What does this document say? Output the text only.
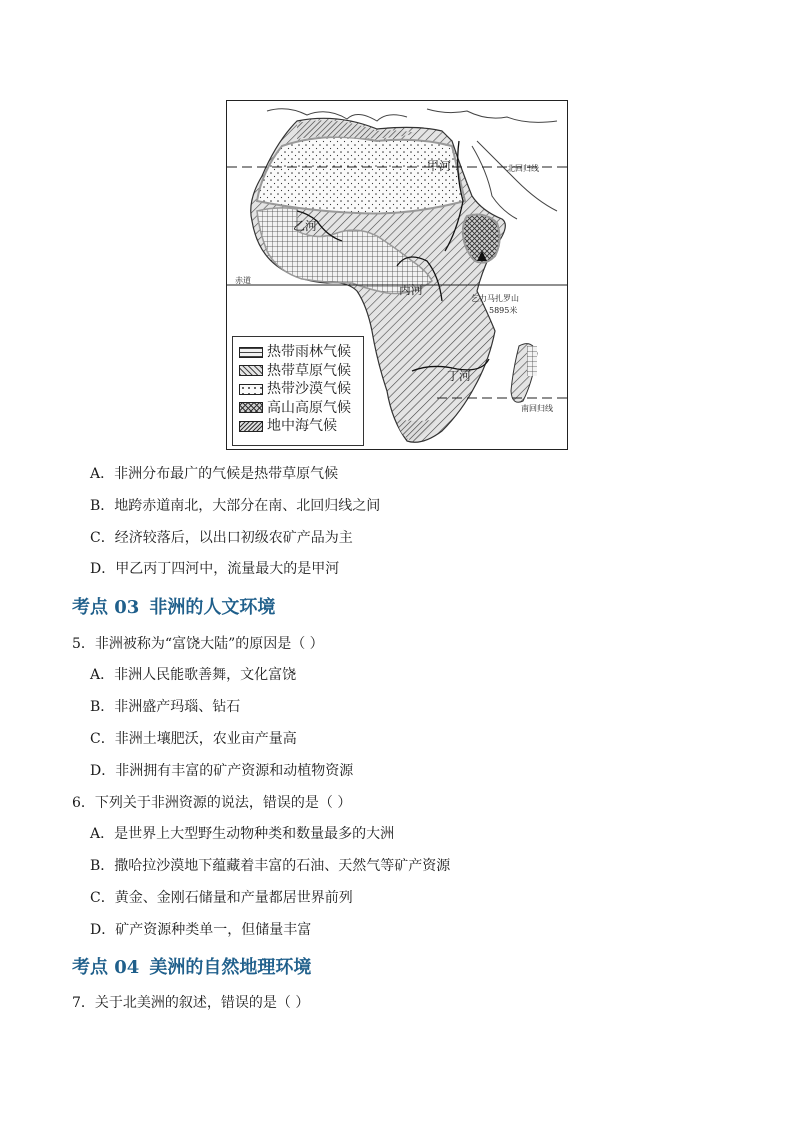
甲河
乙河
丙河
丁河
北回归线
赤道
南回归线
乞力马扎罗山
5895米
热带雨林气候
热带草原气候
热带沙漠气候
高山高原气候
地中海气候
A．非洲分布最广的气候是热带草原气候
B．地跨赤道南北，大部分在南、北回归线之间
C．经济较落后，以出口初级农矿产品为主
D．甲乙丙丁四河中，流量最大的是甲河
考点 03 非洲的人文环境
5．非洲被称为“富饶大陆”的原因是（ ）
A．非洲人民能歌善舞，文化富饶
B．非洲盛产玛瑙、钻石
C．非洲土壤肥沃，农业亩产量高
D．非洲拥有丰富的矿产资源和动植物资源
6．下列关于非洲资源的说法，错误的是（ ）
A．是世界上大型野生动物种类和数量最多的大洲
B．撒哈拉沙漠地下蕴藏着丰富的石油、天然气等矿产资源
C．黄金、金刚石储量和产量都居世界前列
D．矿产资源种类单一，但储量丰富
考点 04 美洲的自然地理环境
7．关于北美洲的叙述，错误的是（ ）
